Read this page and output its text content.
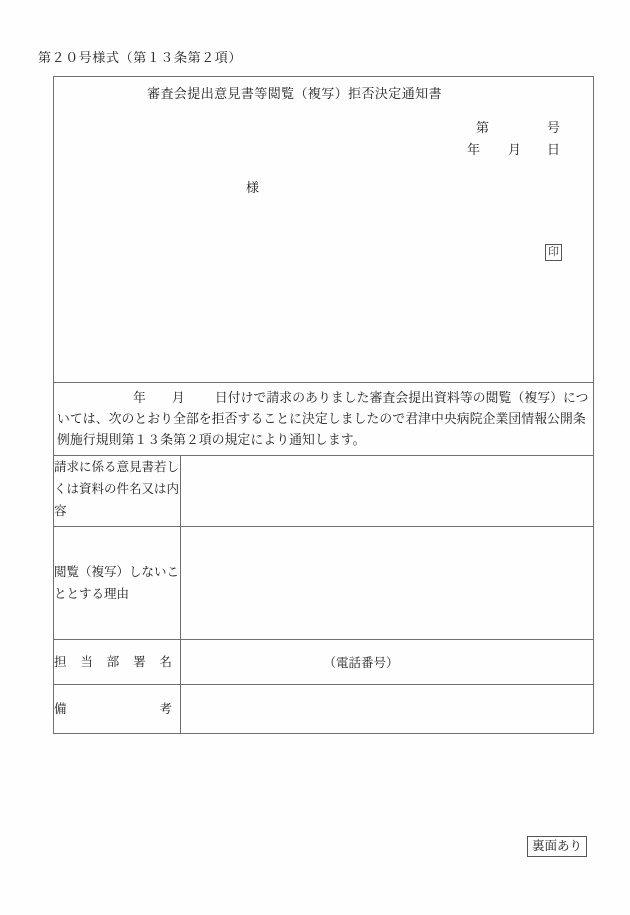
第２０号様式（第１３条第２項）
審査会提出意見書等閲覧（複写）拒否決定通知書
第 号
年 月 日
様
印	

年 月 日付けで請求のありました審査会提出資料等の閲覧（複写）については、次のとおり全部を拒否することに決定しましたので君津中央病院企業団情報公開条例施行規則第１３条第２項の規定により通知します。	

請求に係る意見書若しくは資料の件名又は内容	
閲覧（複写）しないこととする理由	
担当部署名	（電話番号）

備考	
裏面あり
